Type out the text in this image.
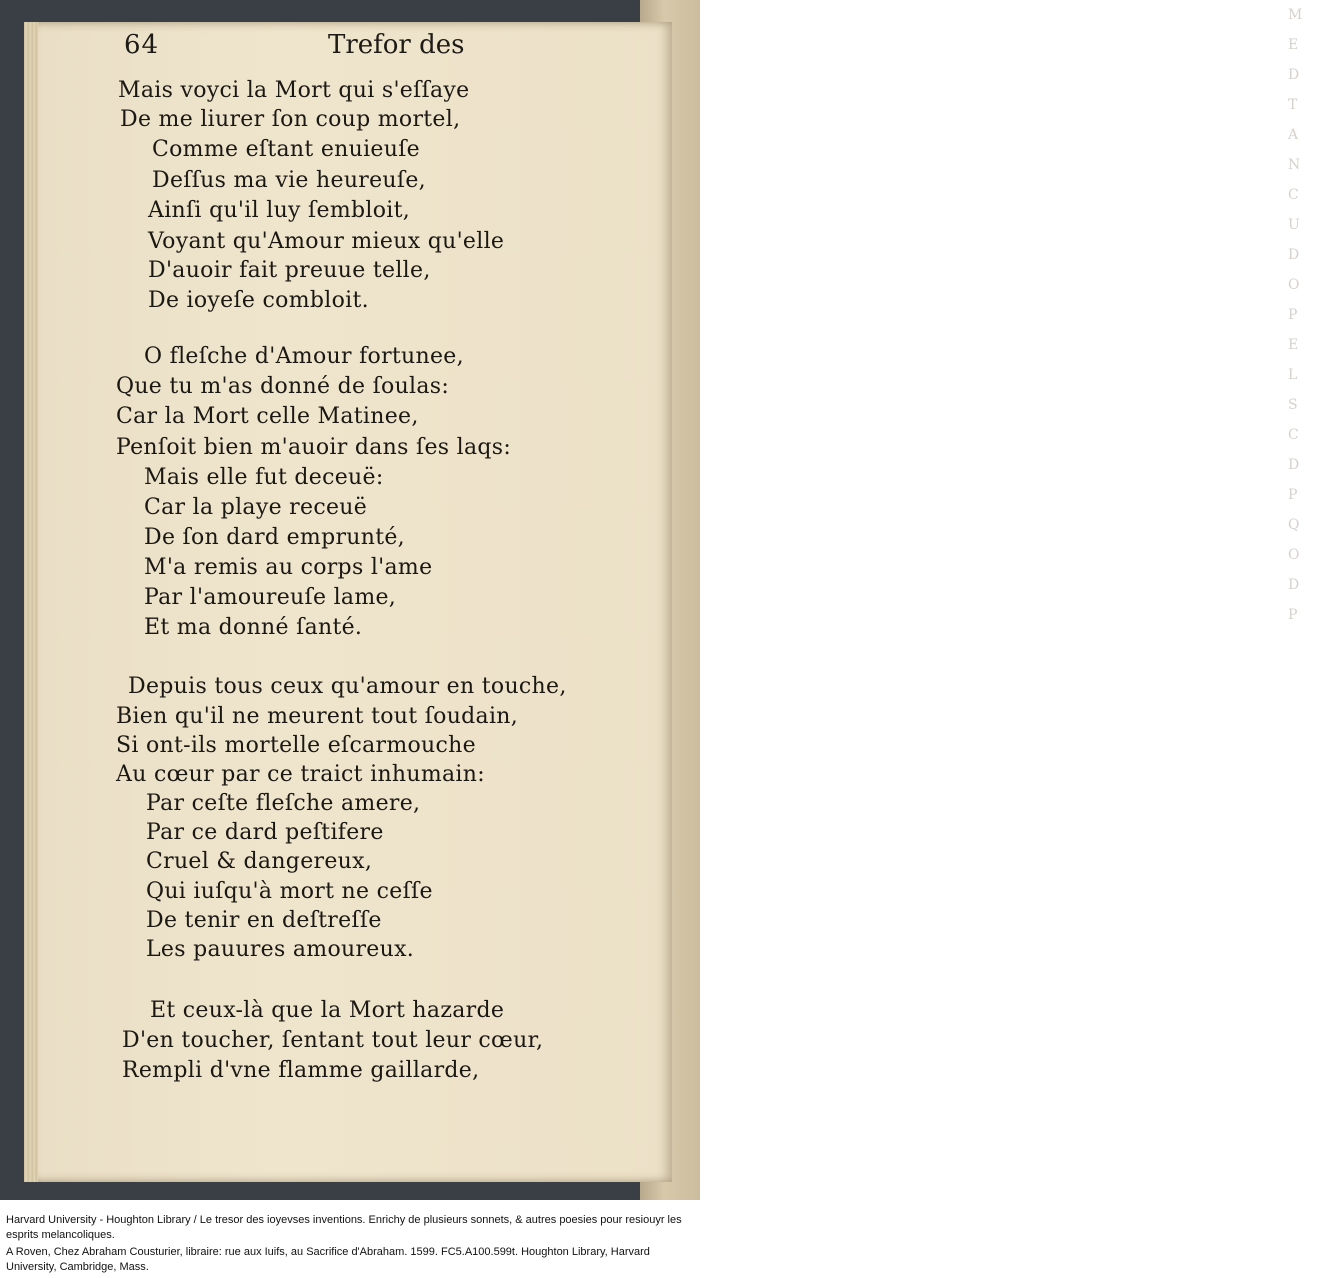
M
E
D
T
A
N
C
U
D
O
P
E
L
S
C
D
P
Q
O
D
P
64	Trefor des
Mais voyci la Mort qui s'eſſaye
De me liurer ſon coup mortel,
Comme eſtant enuieuſe
Deſſus ma vie heureuſe,
Ainſi qu'il luy ſembloit,
Voyant qu'Amour mieux qu'elle
D'auoir fait preuue telle,
De ioyeſe combloit.
O fleſche d'Amour fortunee,
Que tu m'as donné de ſoulas:
Car la Mort celle Matinee,
Penſoit bien m'auoir dans ſes laqs:
Mais elle fut deceuë:
Car la playe receuë
De ſon dard emprunté,
M'a remis au corps l'ame
Par l'amoureuſe lame,
Et ma donné ſanté.
Depuis tous ceux qu'amour en touche,
Bien qu'il ne meurent tout ſoudain,
Si ont-ils mortelle eſcarmouche
Au cœur par ce traict inhumain:
Par ceſte fleſche amere,
Par ce dard peſtifere
Cruel & dangereux,
Qui iuſqu'à mort ne ceſſe
De tenir en deſtreſſe
Les pauures amoureux.
Et ceux-là que la Mort hazarde
D'en toucher, ſentant tout leur cœur,
Rempli d'vne flamme gaillarde,
Harvard University - Houghton Library / Le tresor des ioyevses inventions. Enrichy de plusieurs sonnets, & autres poesies pour resiouyr les
esprits melancoliques.
A Roven, Chez Abraham Cousturier, libraire: rue aux Iuifs, au Sacrifice d'Abraham. 1599. FC5.A100.599t. Houghton Library, Harvard
University, Cambridge, Mass.
